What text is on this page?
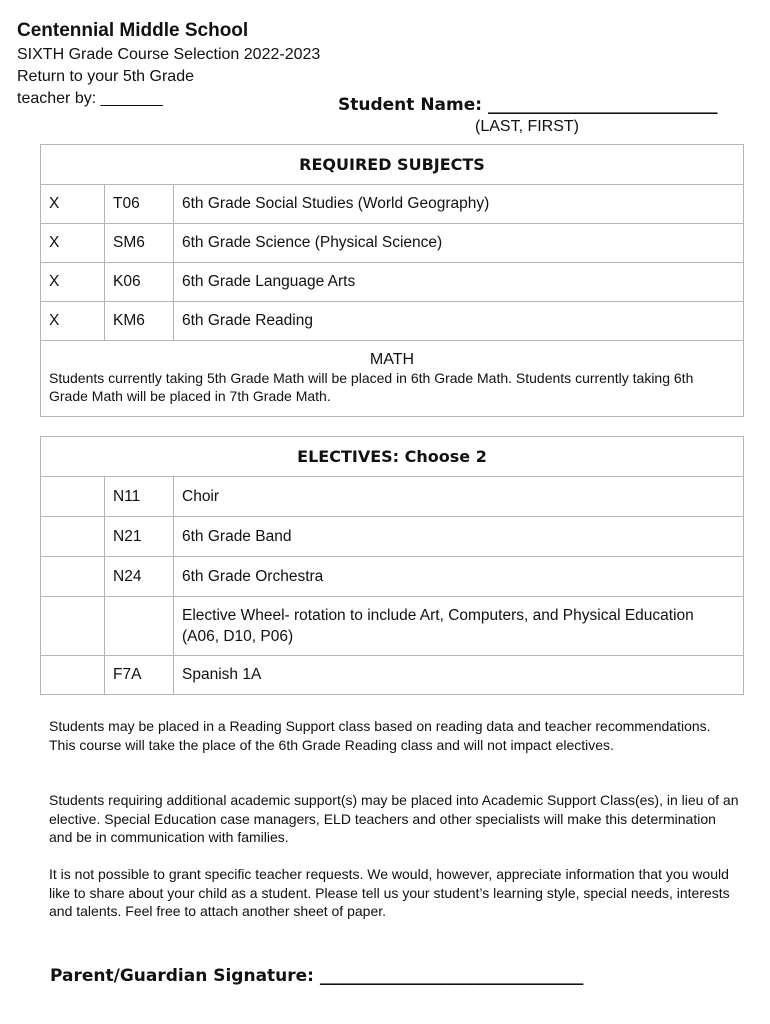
Centennial Middle School
SIXTH Grade Course Selection 2022-2023
Return to your 5th Grade
teacher by: _______	Student Name: ___________________________
(LAST, FIRST)
REQUIRED SUBJECTS		
X	T06	6th Grade Social Studies (World Geography)
X	SM6	6th Grade Science (Physical Science)
X	K06	6th Grade Language Arts
X	KM6	6th Grade Reading

MATH
Students currently taking 5th Grade Math will be placed in 6th Grade Math. Students currently taking 6th Grade Math will be placed in 7th Grade Math.		
ELECTIVES: Choose 2		
	N11	Choir
	N21	6th Grade Band
	N24	6th Grade Orchestra
		Elective Wheel- rotation to include Art, Computers, and Physical Education (A06, D10, P06)
	F7A	Spanish 1A
Students may be placed in a Reading Support class based on reading data and teacher recommendations. This course will take the place of the 6th Grade Reading class and will not impact electives.
Students requiring additional academic support(s) may be placed into Academic Support Class(es), in lieu of an elective. Special Education case managers, ELD teachers and other specialists will make this determination and be in communication with families.
It is not possible to grant specific teacher requests. We would, however, appreciate information that you would like to share about your child as a student. Please tell us your student’s learning style, special needs, interests and talents. Feel free to attach another sheet of paper.
Parent/Guardian Signature: _______________________________
